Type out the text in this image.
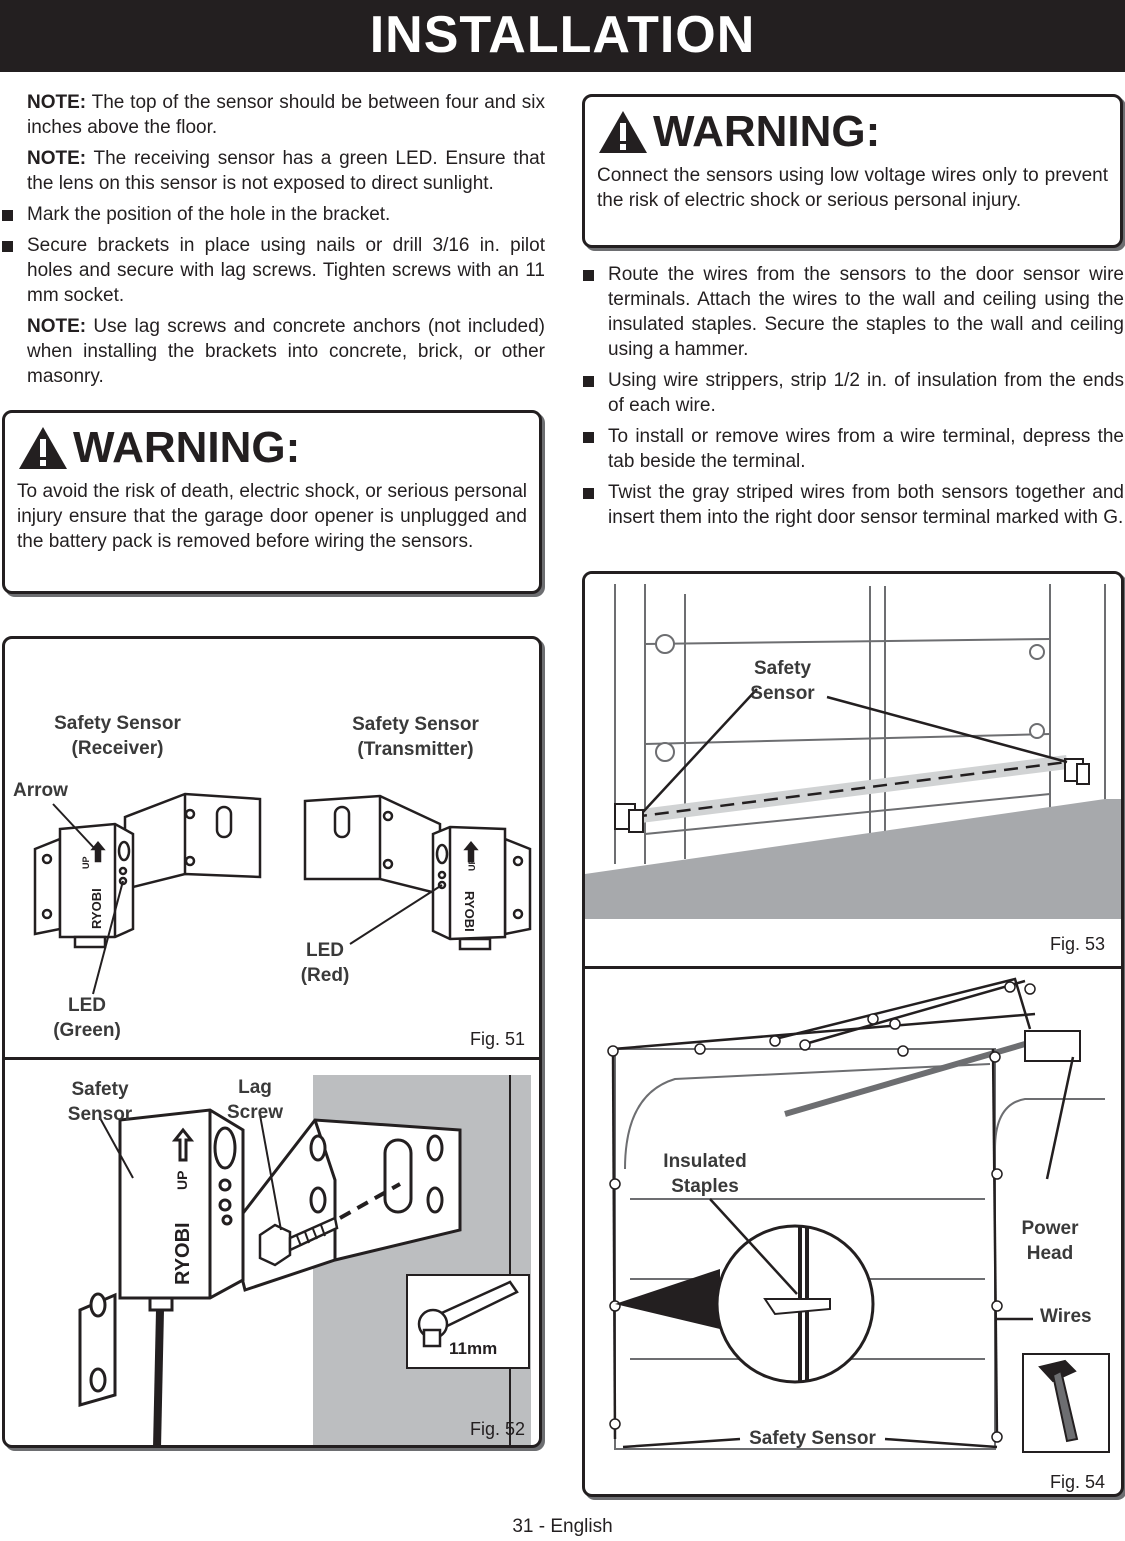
INSTALLATION

NOTE: The top of the sensor should be between four and six inches above the floor.

NOTE: The receiving sensor has a green LED. Ensure that the lens on this sensor is not exposed to direct sunlight.

Mark the position of the hole in the bracket.
Secure brackets in place using nails or drill 3/16 in. pilot holes and secure with lag screws. Tighten screws with an 11 mm socket.

NOTE: Use lag screws and concrete anchors (not included) when installing the brackets into concrete, brick, or other masonry.

WARNING:
To avoid the risk of death, electric shock, or serious personal injury ensure that the garage door opener is unplugged and the battery pack is removed before wiring the sensors.
WARNING:
Connect the sensors using low voltage wires only to prevent the risk of electric shock or serious personal injury.
Route the wires from the sensors to the door sensor wire terminals. Attach the wires to the wall and ceiling using the insulated staples. Secure the staples to the wall and ceiling using a hammer.
Using wire strippers, strip 1/2 in. of insulation from the ends of each wire.
To install or remove wires from a wire terminal, depress the tab beside the terminal.
Twist the gray striped wires from both sensors together and insert them into the right door sensor terminal marked with G.
UP
RYOBI
UP
RYOBI
Safety Sensor
(Receiver)
Safety Sensor
(Transmitter)
Arrow
LED
(Green)
LED
(Red)
Fig. 51
UP
RYOBI
11mm
Safety
Sensor
Lag
Screw
Fig. 52
Safety
Sensor
Fig. 53
Insulated
Staples
Power
Head
Wires
Safety Sensor
Fig. 54
31 - English
